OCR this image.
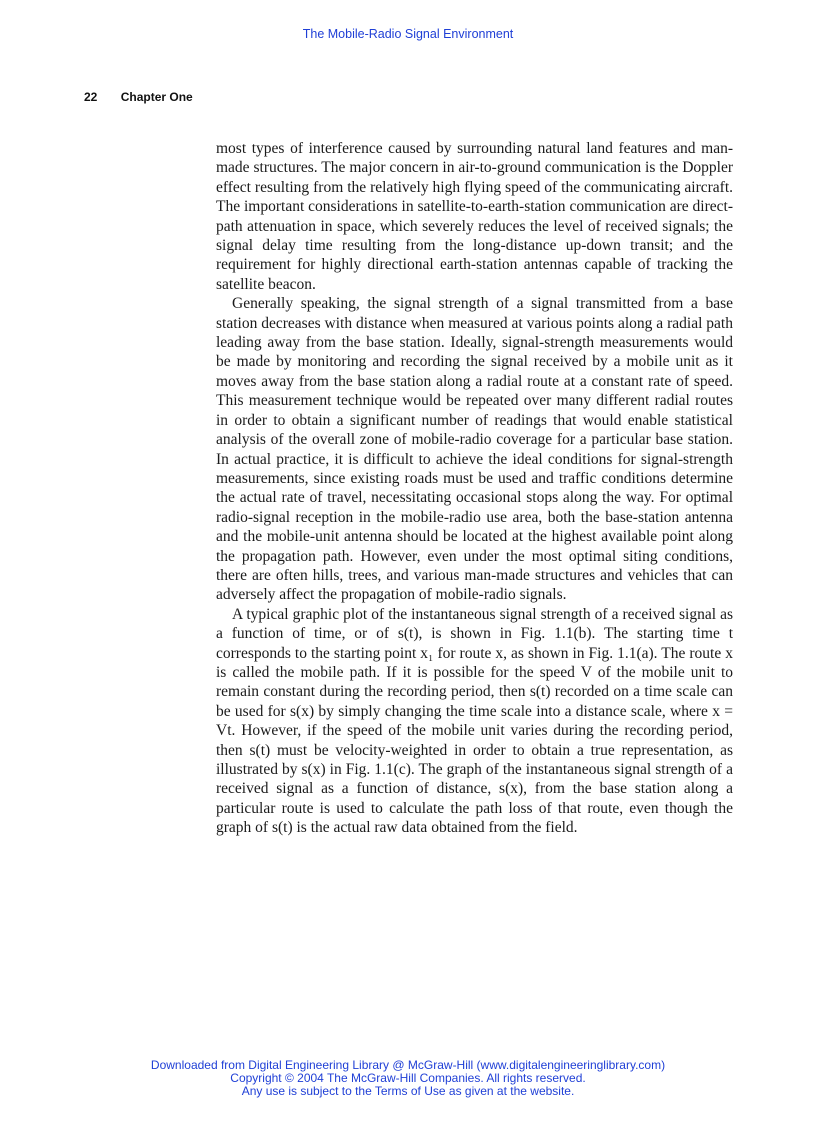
The Mobile-Radio Signal Environment
22 Chapter One

most types of interference caused by surrounding natural land features and man-made structures. The major concern in air-to-ground communication is the Doppler effect resulting from the relatively high flying speed of the communicating aircraft. The important considerations in satellite-to-earth-station communication are direct-path attenuation in space, which severely reduces the level of received signals; the signal delay time resulting from the long-distance up-down transit; and the requirement for highly directional earth-station antennas capable of tracking the satellite beacon.

Generally speaking, the signal strength of a signal transmitted from a base station decreases with distance when measured at various points along a radial path leading away from the base station. Ideally, signal-strength measurements would be made by monitoring and recording the signal received by a mobile unit as it moves away from the base station along a radial route at a constant rate of speed. This measurement technique would be repeated over many different radial routes in order to obtain a significant number of readings that would enable statistical analysis of the overall zone of mobile-radio coverage for a particular base station. In actual practice, it is difficult to achieve the ideal conditions for signal-strength measurements, since existing roads must be used and traffic conditions determine the actual rate of travel, necessitating occasional stops along the way. For optimal radio-signal reception in the mobile-radio use area, both the base-station antenna and the mobile-unit antenna should be located at the highest available point along the propagation path. However, even under the most optimal siting conditions, there are often hills, trees, and various man-made structures and vehicles that can adversely affect the propagation of mobile-radio signals.

A typical graphic plot of the instantaneous signal strength of a received signal as a function of time, or of s(t), is shown in Fig. 1.1(b). The starting time t corresponds to the starting point x₁ for route x, as shown in Fig. 1.1(a). The route x is called the mobile path. If it is possible for the speed V of the mobile unit to remain constant during the recording period, then s(t) recorded on a time scale can be used for s(x) by simply changing the time scale into a distance scale, where x = Vt. However, if the speed of the mobile unit varies during the recording period, then s(t) must be velocity-weighted in order to obtain a true representation, as illustrated by s(x) in Fig. 1.1(c). The graph of the instantaneous signal strength of a received signal as a function of distance, s(x), from the base station along a particular route is used to calculate the path loss of that route, even though the graph of s(t) is the actual raw data obtained from the field.

Downloaded from Digital Engineering Library @ McGraw-Hill (www.digitalengineeringlibrary.com)
Copyright © 2004 The McGraw-Hill Companies. All rights reserved.
Any use is subject to the Terms of Use as given at the website.
